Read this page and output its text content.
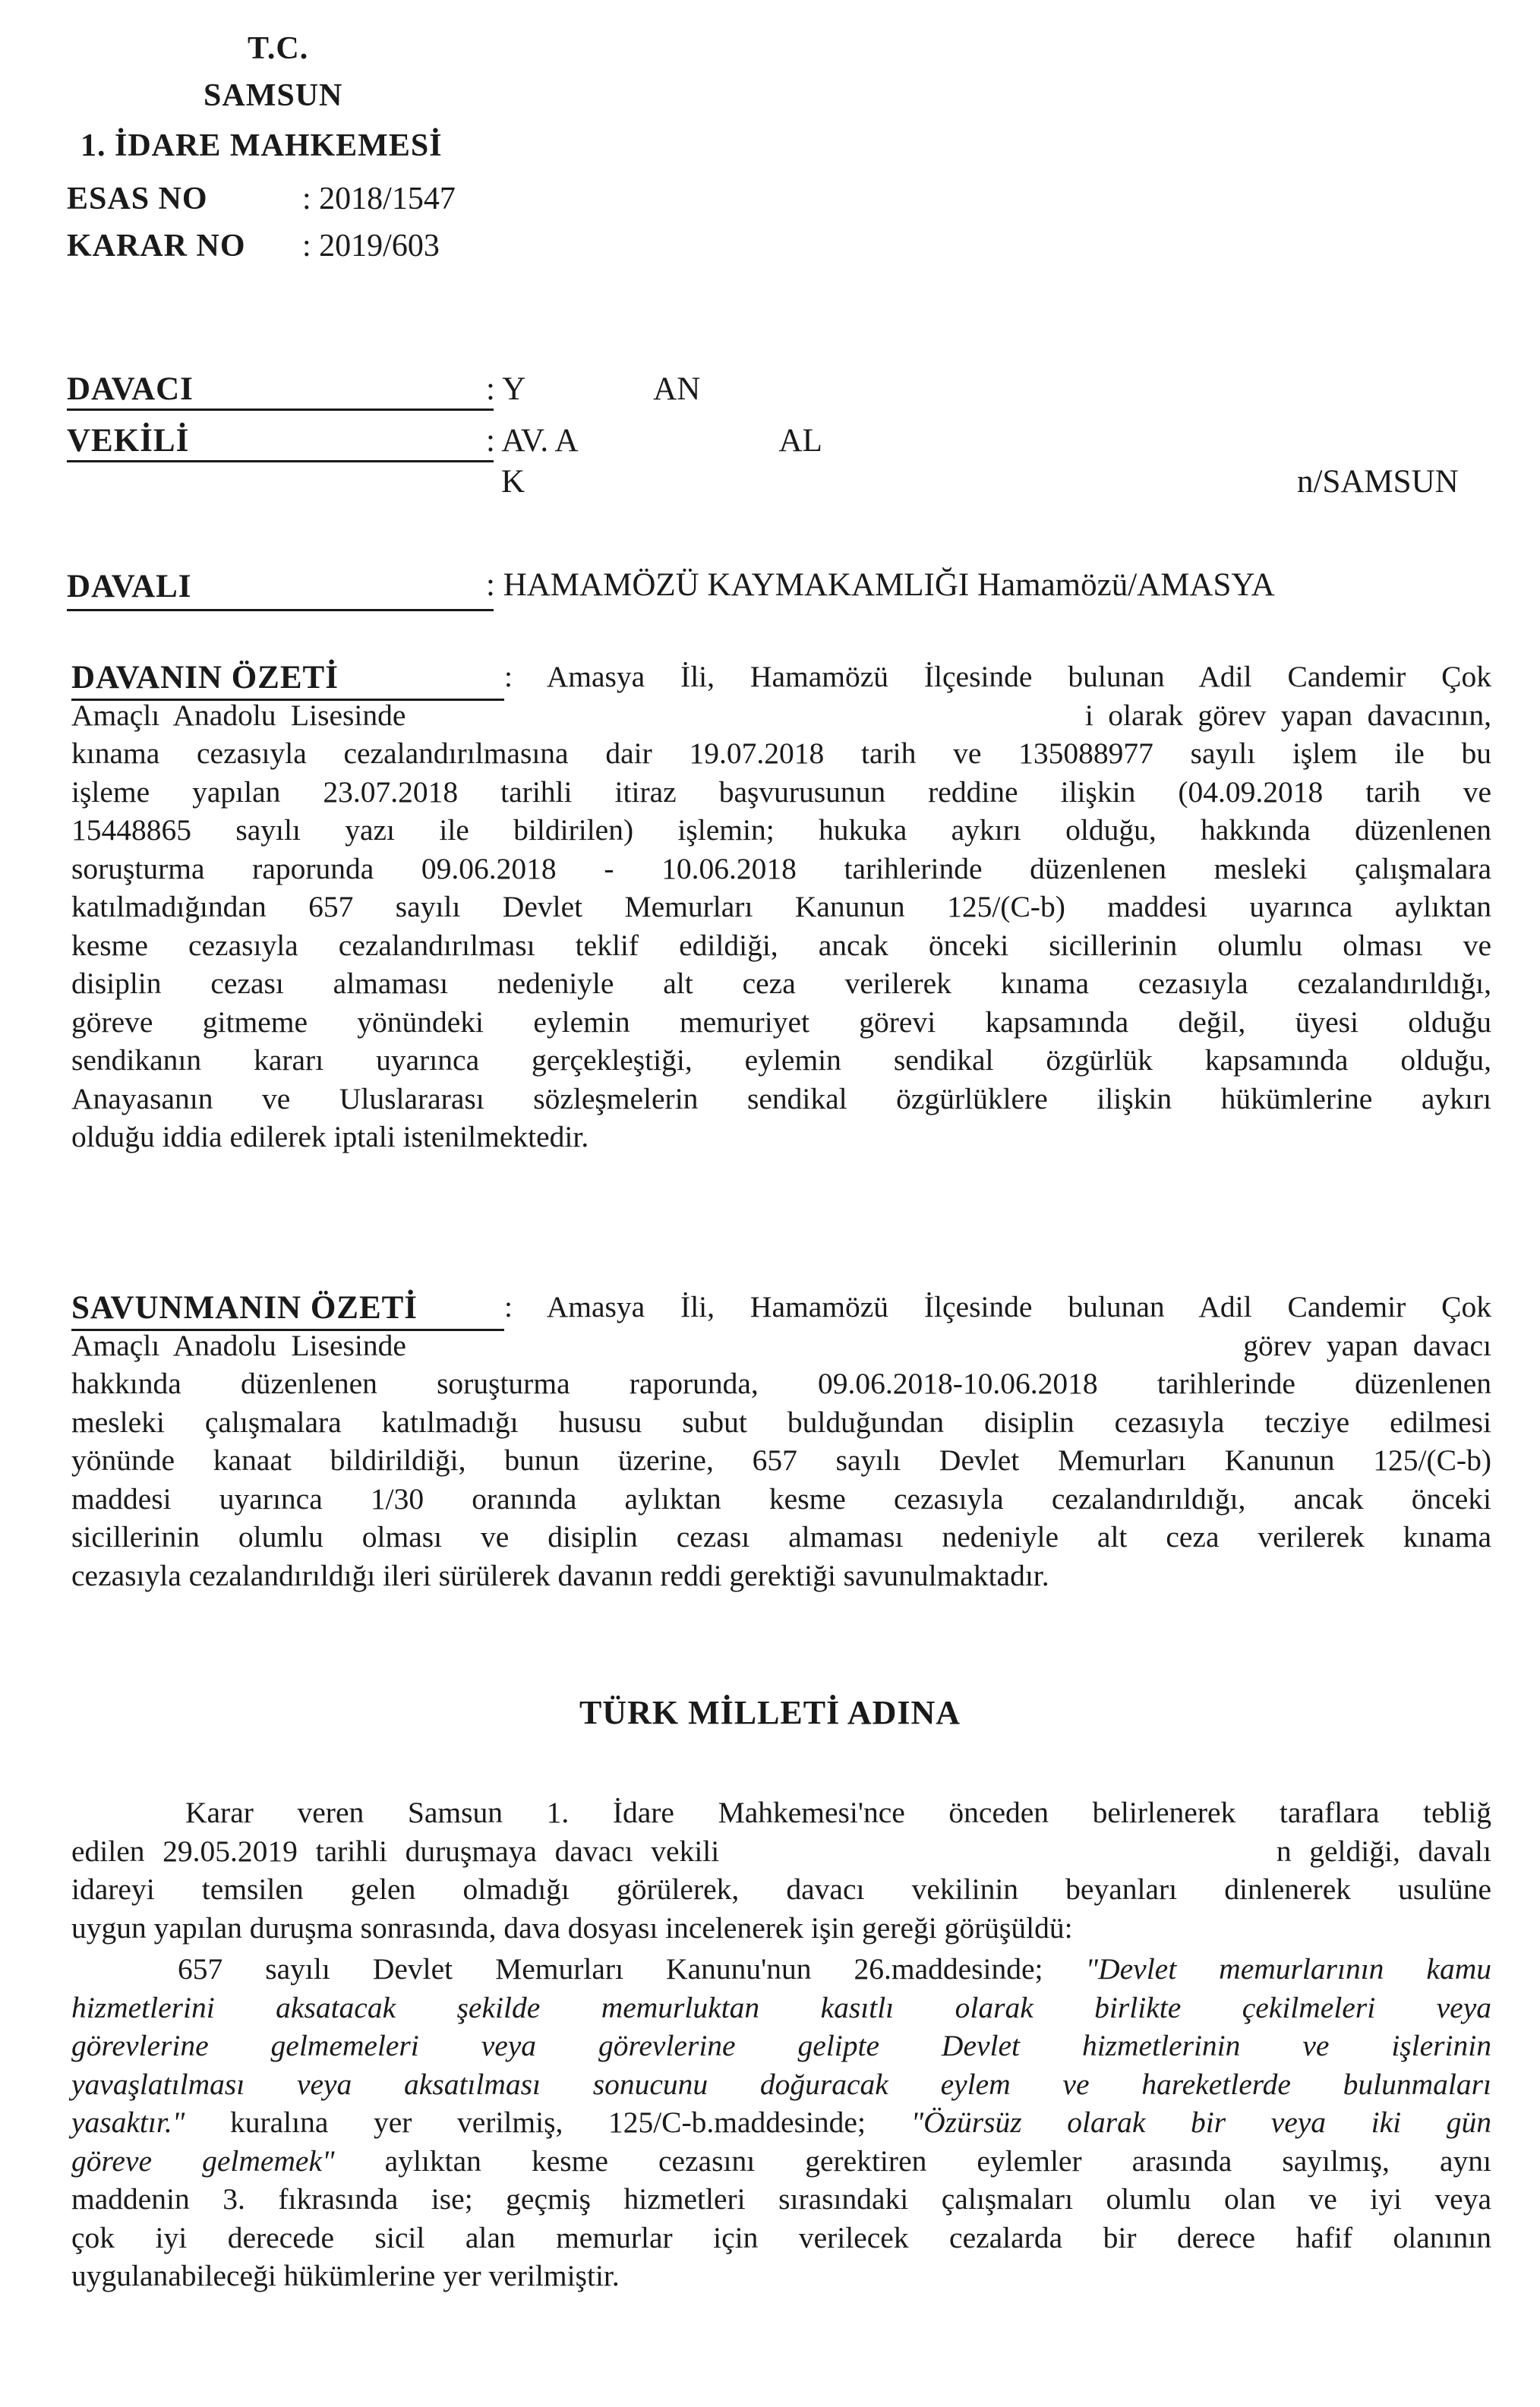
T.C.
SAMSUN
1. İDARE MAHKEMESİ
ESAS NO	: 2018/1547
KARAR NO : 2019/603
DAVACI	: Y                AN
VEKİLİ	: AV. A                         AL
K	n/SAMSUN
DAVALI	: HAMAMÖZÜ KAYMAKAMLIĞI Hamamözü/AMASYA
DAVANIN ÖZETİ	: Amasya İli, Hamamözü İlçesinde bulunan Adil Candemir Çok
Amaçlı Anadolu Lisesinde                                              i olarak görev yapan davacının,
kınama cezasıyla cezalandırılmasına dair 19.07.2018 tarih ve 135088977 sayılı işlem ile bu
işleme yapılan 23.07.2018 tarihli itiraz başvurusunun reddine ilişkin (04.09.2018 tarih ve
15448865 sayılı yazı ile bildirilen) işlemin; hukuka aykırı olduğu, hakkında düzenlenen
soruşturma raporunda 09.06.2018 - 10.06.2018 tarihlerinde düzenlenen mesleki çalışmalara
katılmadığından 657 sayılı Devlet Memurları Kanunun 125/(C-b) maddesi uyarınca aylıktan
kesme cezasıyla cezalandırılması teklif edildiği, ancak önceki sicillerinin olumlu olması ve
disiplin cezası almaması nedeniyle alt ceza verilerek kınama cezasıyla cezalandırıldığı,
göreve gitmeme yönündeki eylemin memuriyet görevi kapsamında değil, üyesi olduğu
sendikanın kararı uyarınca gerçekleştiği, eylemin sendikal özgürlük kapsamında olduğu,
Anayasanın ve Uluslararası sözleşmelerin sendikal özgürlüklere ilişkin hükümlerine aykırı
olduğu iddia edilerek iptali istenilmektedir.
SAVUNMANIN ÖZETİ	: Amasya İli, Hamamözü İlçesinde bulunan Adil Candemir Çok
Amaçlı Anadolu Lisesinde                                                        görev yapan davacı
hakkında düzenlenen soruşturma raporunda, 09.06.2018-10.06.2018 tarihlerinde düzenlenen
mesleki çalışmalara katılmadığı hususu subut bulduğundan disiplin cezasıyla tecziye edilmesi
yönünde kanaat bildirildiği, bunun üzerine, 657 sayılı Devlet Memurları Kanunun 125/(C-b)
maddesi uyarınca 1/30 oranında aylıktan kesme cezasıyla cezalandırıldığı, ancak önceki
sicillerinin olumlu olması ve disiplin cezası almaması nedeniyle alt ceza verilerek kınama
cezasıyla cezalandırıldığı ileri sürülerek davanın reddi gerektiği savunulmaktadır.
TÜRK MİLLETİ ADINA
Karar veren Samsun 1. İdare Mahkemesi'nce önceden belirlenerek taraflara tebliğ
edilen 29.05.2019 tarihli duruşmaya davacı vekili                               n geldiği, davalı
idareyi temsilen gelen olmadığı görülerek, davacı vekilinin beyanları dinlenerek usulüne
uygun yapılan duruşma sonrasında, dava dosyası incelenerek işin gereği görüşüldü:
657 sayılı Devlet Memurları Kanunu'nun 26.maddesinde; "Devlet memurlarının kamu
hizmetlerini aksatacak şekilde memurluktan kasıtlı olarak birlikte çekilmeleri veya
görevlerine gelmemeleri veya görevlerine gelipte Devlet hizmetlerinin ve işlerinin
yavaşlatılması veya aksatılması sonucunu doğuracak eylem ve hareketlerde bulunmaları
yasaktır." kuralına yer verilmiş, 125/C-b.maddesinde; "Özürsüz olarak bir veya iki gün
göreve gelmemek" aylıktan kesme cezasını gerektiren eylemler arasında sayılmış, aynı
maddenin 3. fıkrasında ise; geçmiş hizmetleri sırasındaki çalışmaları olumlu olan ve iyi veya
çok iyi derecede sicil alan memurlar için verilecek cezalarda bir derece hafif olanının
uygulanabileceği hükümlerine yer verilmiştir.
